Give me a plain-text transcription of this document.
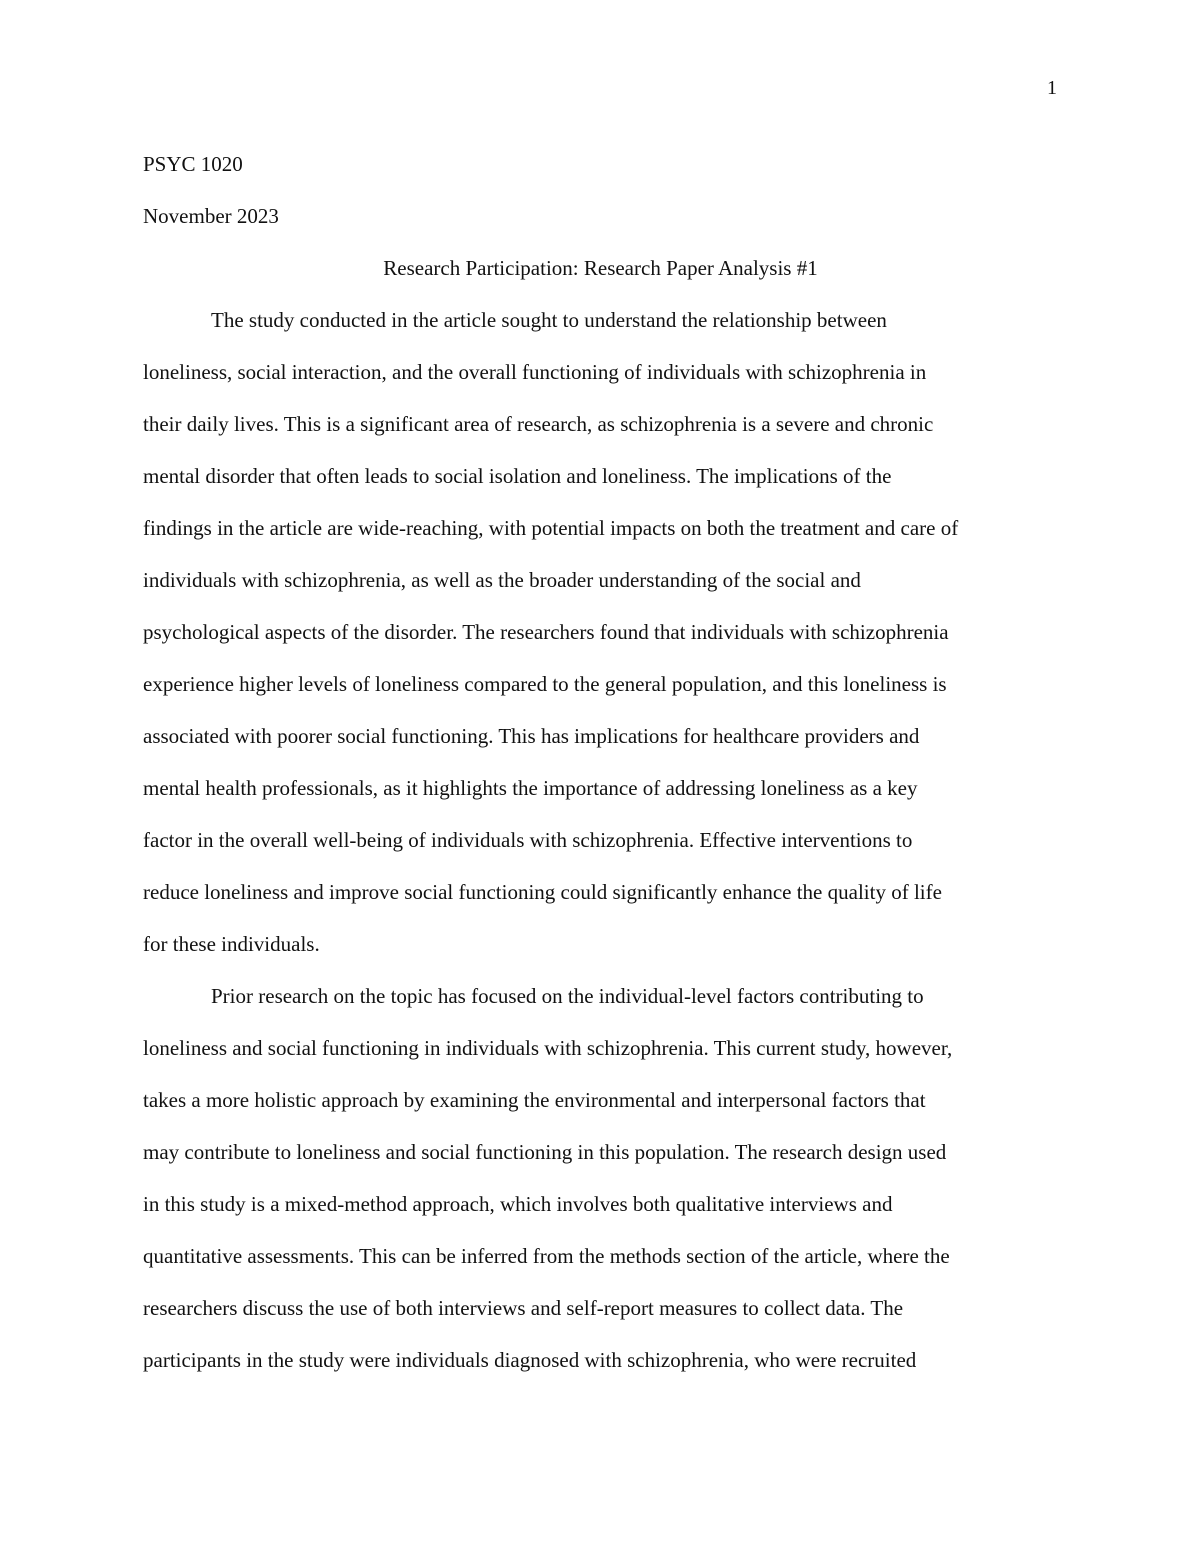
1
PSYC 1020
November 2023
Research Participation: Research Paper Analysis #1
The study conducted in the article sought to understand the relationship between
loneliness, social interaction, and the overall functioning of individuals with schizophrenia in
their daily lives. This is a significant area of research, as schizophrenia is a severe and chronic
mental disorder that often leads to social isolation and loneliness. The implications of the
findings in the article are wide-reaching, with potential impacts on both the treatment and care of
individuals with schizophrenia, as well as the broader understanding of the social and
psychological aspects of the disorder. The researchers found that individuals with schizophrenia
experience higher levels of loneliness compared to the general population, and this loneliness is
associated with poorer social functioning. This has implications for healthcare providers and
mental health professionals, as it highlights the importance of addressing loneliness as a key
factor in the overall well-being of individuals with schizophrenia. Effective interventions to
reduce loneliness and improve social functioning could significantly enhance the quality of life
for these individuals.
Prior research on the topic has focused on the individual-level factors contributing to
loneliness and social functioning in individuals with schizophrenia. This current study, however,
takes a more holistic approach by examining the environmental and interpersonal factors that
may contribute to loneliness and social functioning in this population. The research design used
in this study is a mixed-method approach, which involves both qualitative interviews and
quantitative assessments. This can be inferred from the methods section of the article, where the
researchers discuss the use of both interviews and self-report measures to collect data. The
participants in the study were individuals diagnosed with schizophrenia, who were recruited
